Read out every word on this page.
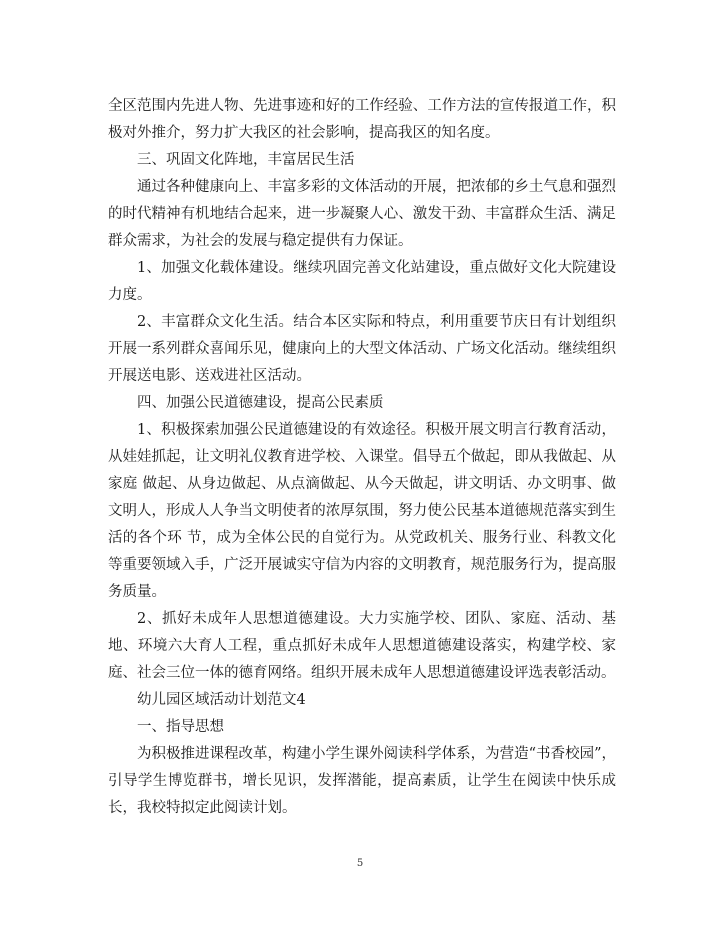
全区范围内先进人物、先进事迹和好的工作经验、工作方法的宣传报道工作，积极对外推介，努力扩大我区的社会影响，提高我区的知名度。

三、巩固文化阵地，丰富居民生活

通过各种健康向上、丰富多彩的文体活动的开展，把浓郁的乡土气息和强烈的时代精神有机地结合起来，进一步凝聚人心、激发干劲、丰富群众生活、满足群众需求，为社会的发展与稳定提供有力保证。

1、加强文化载体建设。继续巩固完善文化站建设，重点做好文化大院建设力度。

2、丰富群众文化生活。结合本区实际和特点，利用重要节庆日有计划组织开展一系列群众喜闻乐见，健康向上的大型文体活动、广场文化活动。继续组织开展送电影、送戏进社区活动。

四、加强公民道德建设，提高公民素质

1、积极探索加强公民道德建设的有效途径。积极开展文明言行教育活动，从娃娃抓起，让文明礼仪教育进学校、入课堂。倡导五个做起，即从我做起、从家庭 做起、从身边做起、从点滴做起、从今天做起，讲文明话、办文明事、做文明人，形成人人争当文明使者的浓厚氛围，努力使公民基本道德规范落实到生活的各个环 节，成为全体公民的自觉行为。从党政机关、服务行业、科教文化等重要领域入手，广泛开展诚实守信为内容的文明教育，规范服务行为，提高服务质量。

2、抓好未成年人思想道德建设。大力实施学校、团队、家庭、活动、基地、环境六大育人工程，重点抓好未成年人思想道德建设落实，构建学校、家庭、社会三位一体的德育网络。组织开展未成年人思想道德建设评选表彰活动。

幼儿园区域活动计划范文4

一、指导思想

为积极推进课程改革，构建小学生课外阅读科学体系，为营造“书香校园”，引导学生博览群书，增长见识，发挥潜能，提高素质，让学生在阅读中快乐成长，我校特拟定此阅读计划。

5
